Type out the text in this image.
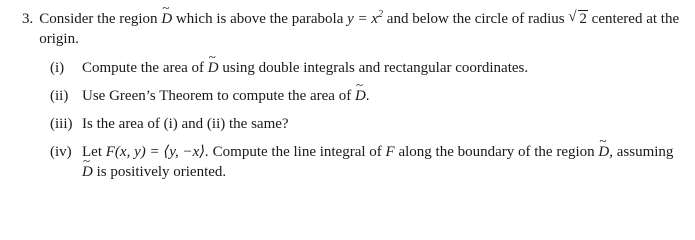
3. Consider the region ~ D which is above the parabola $y = x^2$ and below the circle of radius √ 2 centered at the origin.
(i)	Compute the area of ~ D using double integrals and rectangular coordinates.
(ii) Use Green’s Theorem to compute the area of ~ D.
(iii) Is the area of (i) and (ii) the same?
(iv) Let F(x, y) = ⟨y, −x⟩. Compute the line integral of F along the boundary of the region ~ D, assuming ~ D is positively oriented.
